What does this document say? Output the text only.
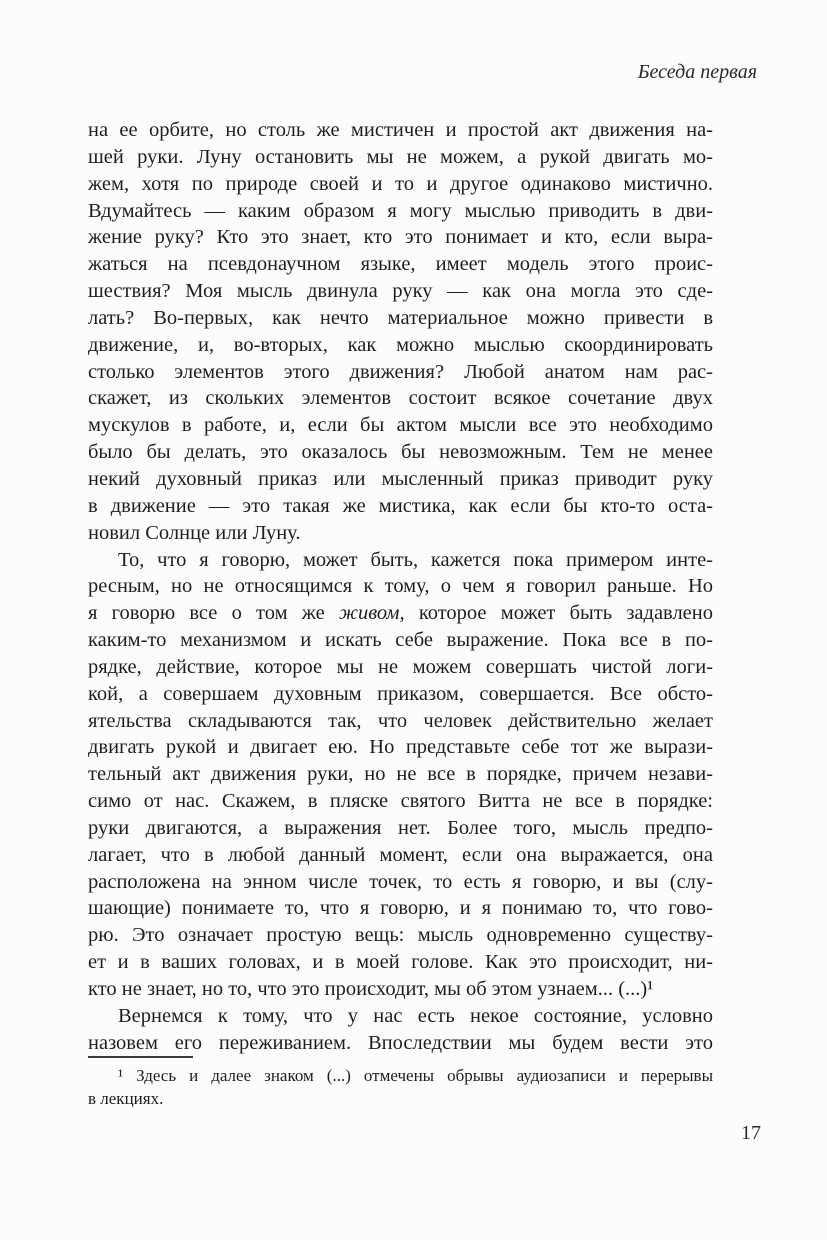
Беседа первая
на ее орбите, но столь же мистичен и простой акт движения на-
шей руки. Луну остановить мы не можем, а рукой двигать мо-
жем, хотя по природе своей и то и другое одинаково мистично.
Вдумайтесь — каким образом я могу мыслью приводить в дви-
жение руку? Кто это знает, кто это понимает и кто, если выра-
жаться на псевдонаучном языке, имеет модель этого проис-
шествия? Моя мысль двинула руку — как она могла это сде-
лать? Во-первых, как нечто материальное можно привести в
движение, и, во-вторых, как можно мыслью скоординировать
столько элементов этого движения? Любой анатом нам рас-
скажет, из скольких элементов состоит всякое сочетание двух
мускулов в работе, и, если бы актом мысли все это необходимо
было бы делать, это оказалось бы невозможным. Тем не менее
некий духовный приказ или мысленный приказ приводит руку
в движение — это такая же мистика, как если бы кто-то оста-
новил Солнце или Луну.
То, что я говорю, может быть, кажется пока примером инте-
ресным, но не относящимся к тому, о чем я говорил раньше. Но
я говорю все о том же живом, которое может быть задавлено
каким-то механизмом и искать себе выражение. Пока все в по-
рядке, действие, которое мы не можем совершать чистой логи-
кой, а совершаем духовным приказом, совершается. Все обсто-
ятельства складываются так, что человек действительно желает
двигать рукой и двигает ею. Но представьте себе тот же вырази-
тельный акт движения руки, но не все в порядке, причем незави-
симо от нас. Скажем, в пляске святого Витта не все в порядке:
руки двигаются, а выражения нет. Более того, мысль предпо-
лагает, что в любой данный момент, если она выражается, она
расположена на энном числе точек, то есть я говорю, и вы (слу-
шающие) понимаете то, что я говорю, и я понимаю то, что гово-
рю. Это означает простую вещь: мысль одновременно существу-
ет и в ваших головах, и в моей голове. Как это происходит, ни-
кто не знает, но то, что это происходит, мы об этом узнаем... (...)¹
Вернемся к тому, что у нас есть некое состояние, условно
назовем его переживанием. Впоследствии мы будем вести это
¹ Здесь и далее знаком (...) отмечены обрывы аудиозаписи и перерывы
в лекциях.
17
